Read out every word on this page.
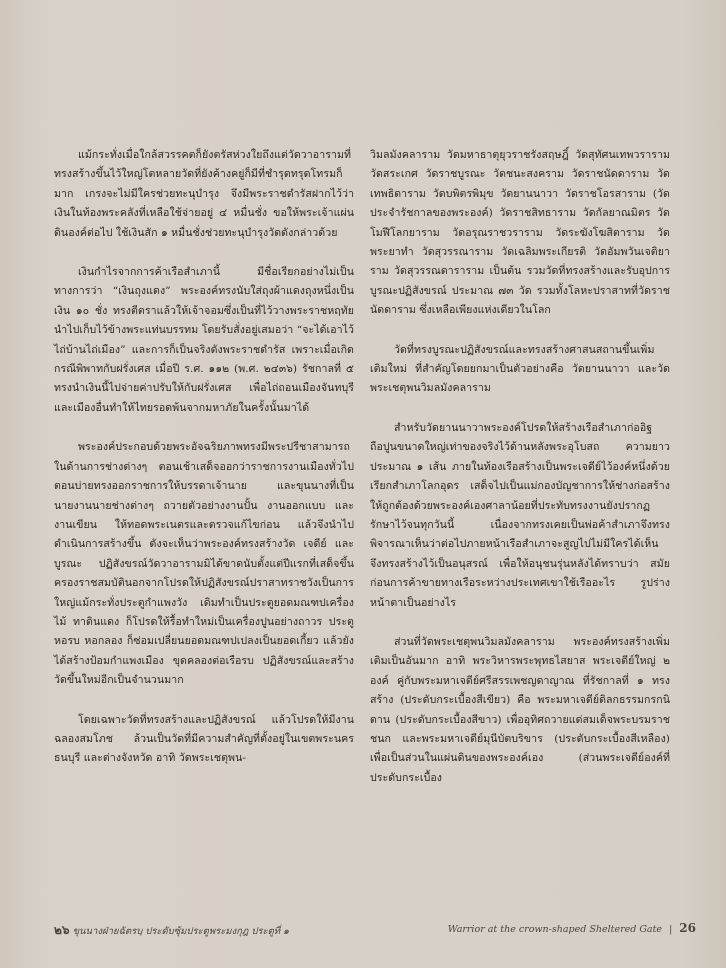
แม้กระทั่งเมื่อใกล้สวรรคตก็ยังตรัสห่วงใยถึงแต่วัดวาอารามที่ทรงสร้างขึ้นไว้ใหญ่โตหลายวัดที่ยังค้างคยู่ก็มีที่ชำรุดทรุดโทรมก็มาก เกรงจะไม่มีใครช่วยทะนุบำรุง จึงมีพระราชดำรัสฝากไว้ว่า เงินในท้องพระคลังที่เหลือใช้จ่ายอยู่ ๔ หมื่นชั่ง ขอให้พระเจ้าแผ่นดินองค์ต่อไป ใช้เงินสัก ๑ หมื่นชั่งช่วยทะนุบำรุงวัดดังกล่าวด้วย

เงินกำไรจากการค้าเรือสำเภานี้ มีชื่อเรียกอย่างไม่เป็นทางการว่า “เงินถุงแดง” พระองค์ทรงนับใส่ถุงผ้าแดงถุงหนึ่งเป็นเงิน ๑๐ ชั่ง ทรงตีตราแล้วให้เจ้าจอมซึ่งเป็นที่ไว้วางพระราชหฤทัย นำไปเก็บไว้ข้างพระแท่นบรรทม โดยรับสั่งอยู่เสมอว่า “จะได้เอาไว้ไถ่บ้านไถ่เมือง” และการก็เป็นจริงดังพระราชดำรัส เพราะเมื่อเกิดกรณีพิพาทกับฝรั่งเศส เมื่อปี ร.ศ. ๑๑๒ (พ.ศ. ๒๔๓๖) รัชกาลที่ ๕ ทรงนำเงินนี้ไปจ่ายค่าปรับให้กับฝรั่งเศส เพื่อไถ่ถอนเมืองจันทบุรีและเมืองอื่นทำให้ไทยรอดพ้นจากมหาภัยในครั้งนั้นมาได้

พระองค์ประกอบด้วยพระอัจฉริยภาพทรงมีพระปรีชาสามารถในด้านการช่างต่างๆ ตอนเช้าเสด็จออกว่าราชการงานเมืองทั่วไป ตอนบ่ายทรงออกราชการให้บรรดาเจ้านาย และขุนนางที่เป็นนายงานนายช่างต่างๆ ถวายตัวอย่างงานปั้น งานออกแบบ และงานเขียน ให้ทอดพระเนตรและตรวจแก้ไขก่อน แล้วจึงนำไปดำเนินการสร้างขึ้น ดังจะเห็นว่าพระองค์ทรงสร้างวัด เจดีย์ และบูรณะ ปฏิสังขรณ์วัดวาอารามมิได้ขาดนับตั้งแต่ปีแรกที่เสด็จขึ้นครองราชสมบัตินอกจากโปรดให้ปฏิสังขรณ์ปราสาทราชวังเป็นการใหญ่แม้กระทั่งประตูกำแพงวัง เดิมทำเป็นประตูยอดมณฑปเครื่องไม้ ทาดินแดง ก็โปรดให้รื้อทำใหม่เป็นเครื่องปูนอย่างถาวร ประตูหอรบ หอกลอง ก็ซ่อมเปลี่ยนยอดมณฑปเปลงเป็นยอดเกี้ยว แล้วยังได้สร้างป้อมกำแพงเมือง ขุดคลองต่อเรือรบ ปฏิสังขรณ์และสร้างวัดขึ้นใหม่อีกเป็นจำนวนมาก

โดยเฉพาะวัดที่ทรงสร้างและปฏิสังขรณ์ แล้วโปรดให้มีงานฉลองสมโภช ล้วนเป็นวัดที่มีความสำคัญที่ตั้งอยู่ในเขตพระนคร ธนบุรี และต่างจังหวัด อาทิ วัดพระเชตุพน-

วิมลมังคลาราม วัดมหาธาตุยุวราชรังสฤษฎิ์ วัดสุทัศนเทพวราราม วัดสระเกศ วัดราชบูรณะ วัดชนะสงคราม วัดราชนัดดาราม วัดเทพธิดาราม วัดบพิตรพิมุข วัดยานนาวา วัดราชโอรสาราม (วัดประจำรัชกาลของพระองค์) วัดราชสิทธาราม วัดกัลยาณมิตร วัดโมฬีโลกยาราม วัดอรุณราชวราราม วัดระฆังโฆสิตาราม วัดพระยาทำ วัดสุวรรณาราม วัดเฉลิมพระเกียรติ วัดอัมพวันเจติยาราม วัดสุวรรณดาราราม เป็นต้น รวมวัดที่ทรงสร้างและรับอุปการบูรณะปฏิสังขรณ์ ประมาณ ๗๓ วัด รวมทั้งโลหะปราสาทที่วัดราชนัดดาราม ซึ่งเหลือเพียงแห่งเดียวในโลก

วัดที่ทรงบูรณะปฏิสังขรณ์และทรงสร้างศาสนสถานขึ้นเพิ่มเติมใหม่ ที่สำคัญโดยยกมาเป็นตัวอย่างคือ วัดยานนาวา และวัดพระเชตุพนวิมลมังคลาราม

สำหรับวัดยานนาวาพระองค์โปรดให้สร้างเรือสำเภาก่ออิฐถือปูนขนาดใหญ่เท่าของจริงไว้ด้านหลังพระอุโบสถ ความยาวประมาณ ๑ เส้น ภายในท้องเรือสร้างเป็นพระเจดีย์ไว้องค์หนึ่งด้วย เรียกสำเภาโลกอุดร เสด็จไปเป็นแม่กองบัญชาการให้ช่างก่อสร้างให้ถูกต้องด้วยพระองค์เองศาลาน้อยที่ประทับทรงงานยังปรากฏรักษาไว้จนทุกวันนี้ เนื่องจากทรงเคยเป็นพ่อค้าสำเภาจึงทรงพิจารณาเห็นว่าต่อไปภายหน้าเรือสำเภาจะสูญไปไม่มีใครได้เห็น จึงทรงสร้างไว้เป็นอนุสรณ์ เพื่อให้อนุชนรุ่นหลังได้ทราบว่า สมัยก่อนการค้าขายทางเรือระหว่างประเทศเขาใช้เรืออะไร รูปร่างหน้าตาเป็นอย่างไร

ส่วนที่วัดพระเชตุพนวิมลมังคลาราม พระองค์ทรงสร้างเพิ่มเติมเป็นอันมาก อาทิ พระวิหารพระพุทธไสยาส พระเจดีย์ใหญ่ ๒ องค์ คู่กับพระมหาเจดีย์ศรีสรรเพชญดาญาณ ที่รัชกาลที่ ๑ ทรงสร้าง (ประดับกระเบื้องสีเขียว) คือ พระมหาเจดีย์ดิลกธรรมกรกนิดาน (ประดับกระเบื้องสีขาว) เพื่ออุทิศถวายแด่สมเด็จพระบรมราชชนก และพระมหาเจดีย์มุนีบัตบริขาร (ประดับกระเบื้องสีเหลือง) เพื่อเป็นส่วนในแผ่นดินของพระองค์เอง (ส่วนพระเจดีย์องค์ที่ประดับกระเบื้อง

๒๖ ขุนนางฝ่ายฉัตรบฺ ประดับซุ้มประตูพระมงกุฎ ประตูที่ ๑	Warrior at the crown-shaped Sheltered Gate | 26
